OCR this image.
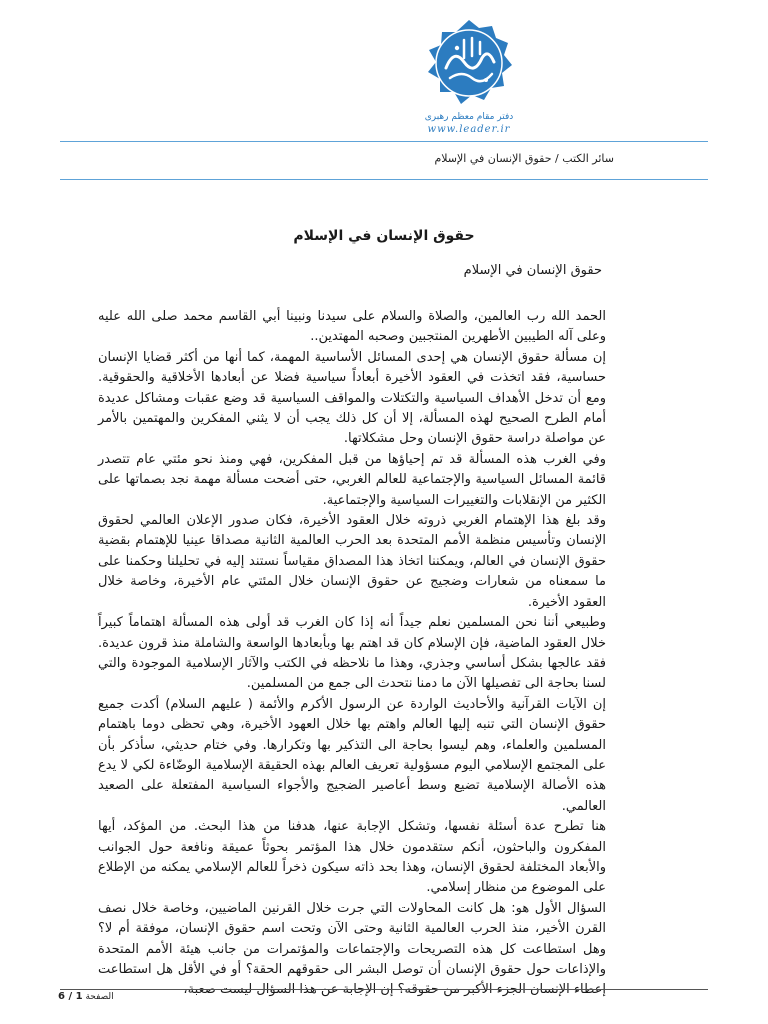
دفتر مقام معظم رهبری
www.leader.ir
سائر الكتب / حقوق الإنسان في الإسلام
حقوق الإنسان في الإسلام
حقوق الإنسان في الإسلام

الحمد الله رب العالمين، والصلاة والسلام على سيدنا ونبينا أبي القاسم محمد صلى الله عليه وعلى آله الطيبين الأطهرين المنتجبين وصحبه المهتدين..

إن مسألة حقوق الإنسان هي إحدى المسائل الأساسية المهمة، كما أنها من أكثر قضايا الإنسان حساسية، فقد اتخذت في العقود الأخيرة أبعاداً سياسية فضلا عن أبعادها الأخلاقية والحقوقية. ومع أن تدخل الأهداف السياسية والتكتلات والمواقف السياسية قد وضع عقبات ومشاكل عديدة أمام الطرح الصحيح لهذه المسألة، إلا أن كل ذلك يجب أن لا يثني المفكرين والمهتمين بالأمر عن مواصلة دراسة حقوق الإنسان وحل مشكلاتها.

وفي الغرب هذه المسألة قد تم إحياؤها من قبل المفكرين، فهي ومنذ نحو مئتي عام تتصدر قائمة المسائل السياسية والإجتماعية للعالم الغربي، حتى أضحت مسألة مهمة نجد بصماتها على الكثير من الإنقلابات والتغييرات السياسية والإجتماعية.

وقد بلغ هذا الإهتمام الغربي ذروته خلال العقود الأخيرة، فكان صدور الإعلان العالمي لحقوق الإنسان وتأسيس منظمة الأمم المتحدة بعد الحرب العالمية الثانية مصداقا عينيا للإهتمام بقضية حقوق الإنسان في العالم، ويمكننا اتخاذ هذا المصداق مقياساً نستند إليه في تحليلنا وحكمنا على ما سمعناه من شعارات وضجيج عن حقوق الإنسان خلال المئتي عام الأخيرة، وخاصة خلال العقود الأخيرة.

وطبيعي أننا نحن المسلمين نعلم جيداً أنه إذا كان الغرب قد أولى هذه المسألة اهتماماً كبيراً خلال العقود الماضية، فإن الإسلام كان قد اهتم بها وبأبعادها الواسعة والشاملة منذ قرون عديدة. فقد عالجها بشكل أساسي وجذري، وهذا ما نلاحظه في الكتب والآثار الإسلامية الموجودة والتي لسنا بحاجة الى تفصيلها الآن ما دمنا نتحدث الى جمع من المسلمين.

إن الآيات القرآنية والأحاديث الواردة عن الرسول الأكرم والأئمة ( عليهم السلام) أكدت جميع حقوق الإنسان التي تنبه إليها العالم واهتم بها خلال العهود الأخيرة، وهي تحظى دوما باهتمام المسلمين والعلماء، وهم ليسوا بحاجة الى التذكير بها وتكرارها. وفي ختام حديثي، سأذكر بأن على المجتمع الإسلامي اليوم مسؤولية تعريف العالم بهذه الحقيقة الإسلامية الوضّاءة لكي لا يدع هذه الأصالة الإسلامية تضيع وسط أعاصير الضجيج والأجواء السياسية المفتعلة على الصعيد العالمي.

هنا تطرح عدة أسئلة نفسها، وتشكل الإجابة عنها، هدفنا من هذا البحث. من المؤكد، أيها المفكرون والباحثون، أنكم ستقدمون خلال هذا المؤتمر بحوثاً عميقة ونافعة حول الجوانب والأبعاد المختلفة لحقوق الإنسان، وهذا بحد ذاته سيكون ذخراً للعالم الإسلامي يمكنه من الإطلاع على الموضوع من منظار إسلامي.

السؤال الأول هو: هل كانت المحاولات التي جرت خلال القرنين الماضيين، وخاصة خلال نصف القرن الأخير، منذ الحرب العالمية الثانية وحتى الآن وتحت اسم حقوق الإنسان، موفقة أم لا؟ وهل استطاعت كل هذه التصريحات والإجتماعات والمؤتمرات من جانب هيئة الأمم المتحدة والإذاعات حول حقوق الإنسان أن توصل البشر الى حقوقهم الحقة؟ أو في الأقل هل استطاعت إعطاء الإنسان الجزء الأكبر من حقوقه؟ إن الإجابة عن هذا السؤال ليست صعبة،

الصفحة 1 / 6
